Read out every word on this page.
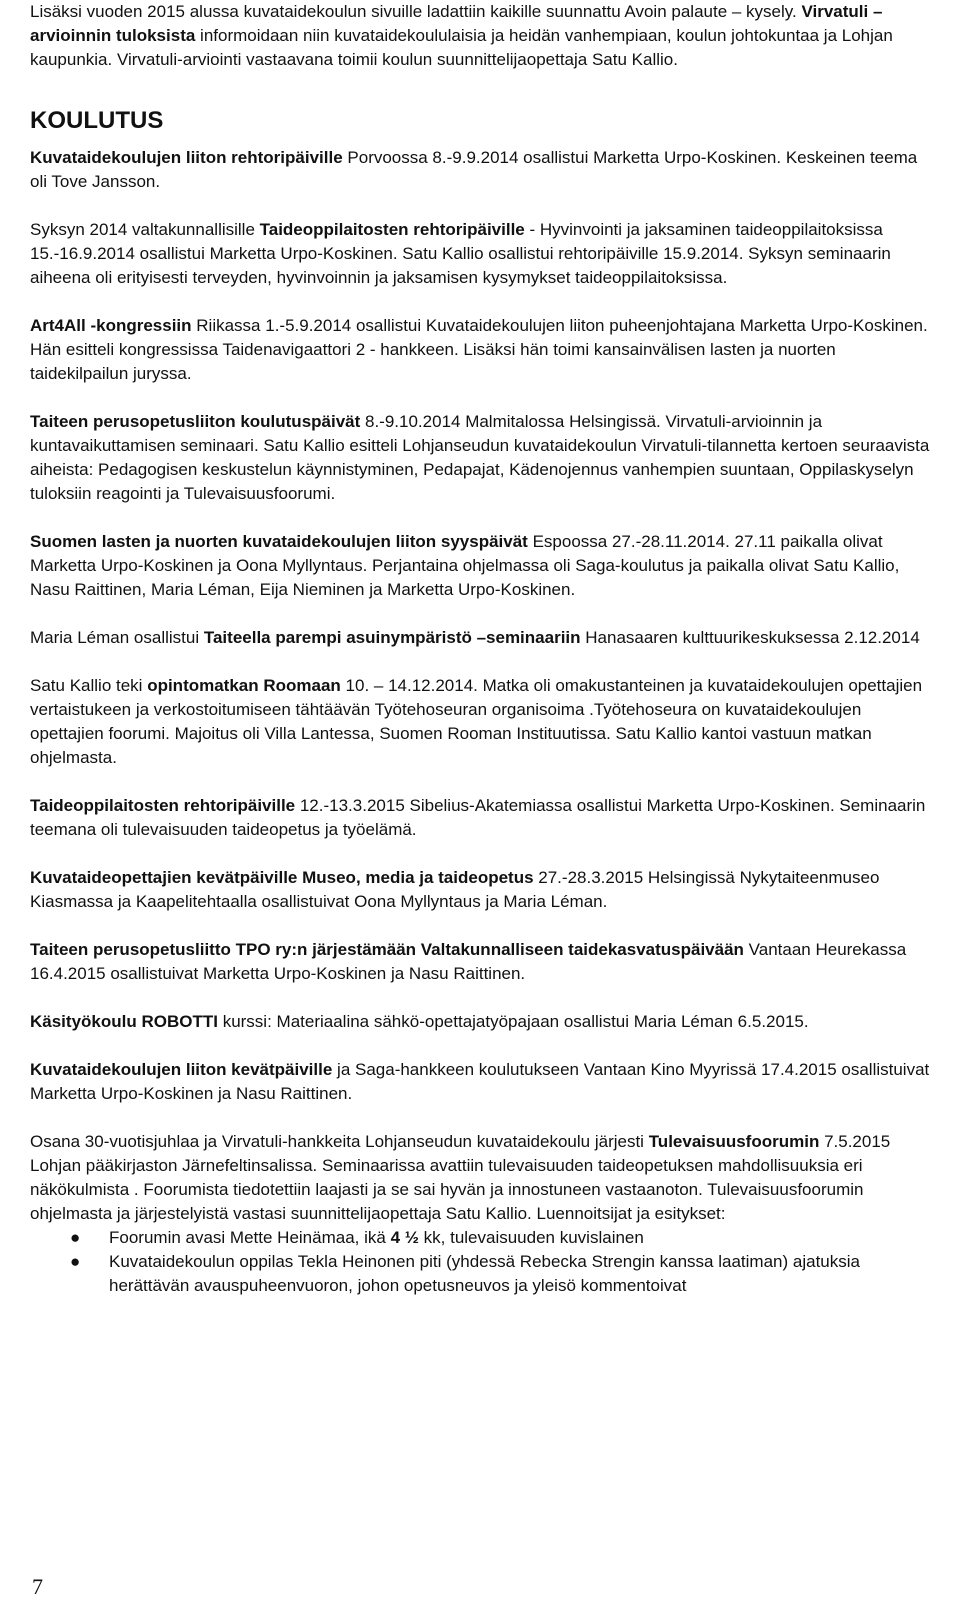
Lisäksi vuoden 2015 alussa kuvataidekoulun sivuille ladattiin kaikille suunnattu Avoin palaute – kysely. Virvatuli – arvioinnin tuloksista informoidaan niin kuvataidekoululaisia ja heidän vanhempiaan, koulun johtokuntaa ja Lohjan kaupunkia. Virvatuli-arviointi vastaavana toimii koulun suunnittelijaopettaja Satu Kallio.

KOULUTUS

Kuvataidekoulujen liiton rehtoripäiville Porvoossa 8.-9.9.2014 osallistui Marketta Urpo-Koskinen. Keskeinen teema oli Tove Jansson.

Syksyn 2014 valtakunnallisille Taideoppilaitosten rehtoripäiville - Hyvinvointi ja jaksaminen taideoppilaitoksissa 15.-16.9.2014 osallistui Marketta Urpo-Koskinen. Satu Kallio osallistui rehtoripäiville 15.9.2014. Syksyn seminaarin aiheena oli erityisesti terveyden, hyvinvoinnin ja jaksamisen kysymykset taideoppilaitoksissa.

Art4All -kongressiin Riikassa 1.-5.9.2014 osallistui Kuvataidekoulujen liiton puheenjohtajana Marketta Urpo-Koskinen. Hän esitteli kongressissa Taidenavigaattori 2 - hankkeen. Lisäksi hän toimi kansainvälisen lasten ja nuorten taidekilpailun juryssa.

Taiteen perusopetusliiton koulutuspäivät 8.-9.10.2014 Malmitalossa Helsingissä. Virvatuli-arvioinnin ja kuntavaikuttamisen seminaari. Satu Kallio esitteli Lohjanseudun kuvataidekoulun Virvatuli-tilannetta kertoen seuraavista aiheista: Pedagogisen keskustelun käynnistyminen, Pedapajat, Kädenojennus vanhempien suuntaan, Oppilaskyselyn tuloksiin reagointi ja Tulevaisuusfoorumi.

Suomen lasten ja nuorten kuvataidekoulujen liiton syyspäivät Espoossa 27.-28.11.2014. 27.11 paikalla olivat Marketta Urpo-Koskinen ja Oona Myllyntaus. Perjantaina ohjelmassa oli Saga-koulutus ja paikalla olivat Satu Kallio, Nasu Raittinen, Maria Léman, Eija Nieminen ja Marketta Urpo-Koskinen.

Maria Léman osallistui Taiteella parempi asuinympäristö –seminaariin Hanasaaren kulttuurikeskuksessa 2.12.2014

Satu Kallio teki opintomatkan Roomaan 10. – 14.12.2014. Matka oli omakustanteinen ja kuvataidekoulujen opettajien vertaistukeen ja verkostoitumiseen tähtäävän Työtehoseuran organisoima .Työtehoseura on kuvataidekoulujen opettajien foorumi. Majoitus oli Villa Lantessa, Suomen Rooman Instituutissa. Satu Kallio kantoi vastuun matkan ohjelmasta.

Taideoppilaitosten rehtoripäiville 12.-13.3.2015 Sibelius-Akatemiassa osallistui Marketta Urpo-Koskinen. Seminaarin teemana oli tulevaisuuden taideopetus ja työelämä.

Kuvataideopettajien kevätpäiville Museo, media ja taideopetus 27.-28.3.2015 Helsingissä Nykytaiteenmuseo Kiasmassa ja Kaapelitehtaalla osallistuivat Oona Myllyntaus ja Maria Léman.

Taiteen perusopetusliitto TPO ry:n järjestämään Valtakunnalliseen taidekasvatuspäivään Vantaan Heurekassa 16.4.2015 osallistuivat Marketta Urpo-Koskinen ja Nasu Raittinen.

Käsityökoulu ROBOTTI kurssi: Materiaalina sähkö-opettajatyöpajaan osallistui Maria Léman 6.5.2015.

Kuvataidekoulujen liiton kevätpäiville ja Saga-hankkeen koulutukseen Vantaan Kino Myyrissä 17.4.2015 osallistuivat Marketta Urpo-Koskinen ja Nasu Raittinen.

Osana 30-vuotisjuhlaa ja Virvatuli-hankkeita Lohjanseudun kuvataidekoulu järjesti Tulevaisuusfoorumin 7.5.2015 Lohjan pääkirjaston Järnefeltinsalissa. Seminaarissa avattiin tulevaisuuden taideopetuksen mahdollisuuksia eri näkökulmista . Foorumista tiedotettiin laajasti ja se sai hyvän ja innostuneen vastaanoton. Tulevaisuusfoorumin ohjelmasta ja järjestelyistä vastasi suunnittelijaopettaja Satu Kallio. Luennoitsijat ja esitykset:

● Foorumin avasi Mette Heinämaa, ikä 4 ½ kk, tulevaisuuden kuvislainen
● Kuvataidekoulun oppilas Tekla Heinonen piti (yhdessä Rebecka Strengin kanssa laatiman) ajatuksia herättävän avauspuheenvuoron, johon opetusneuvos ja yleisö kommentoivat
7
